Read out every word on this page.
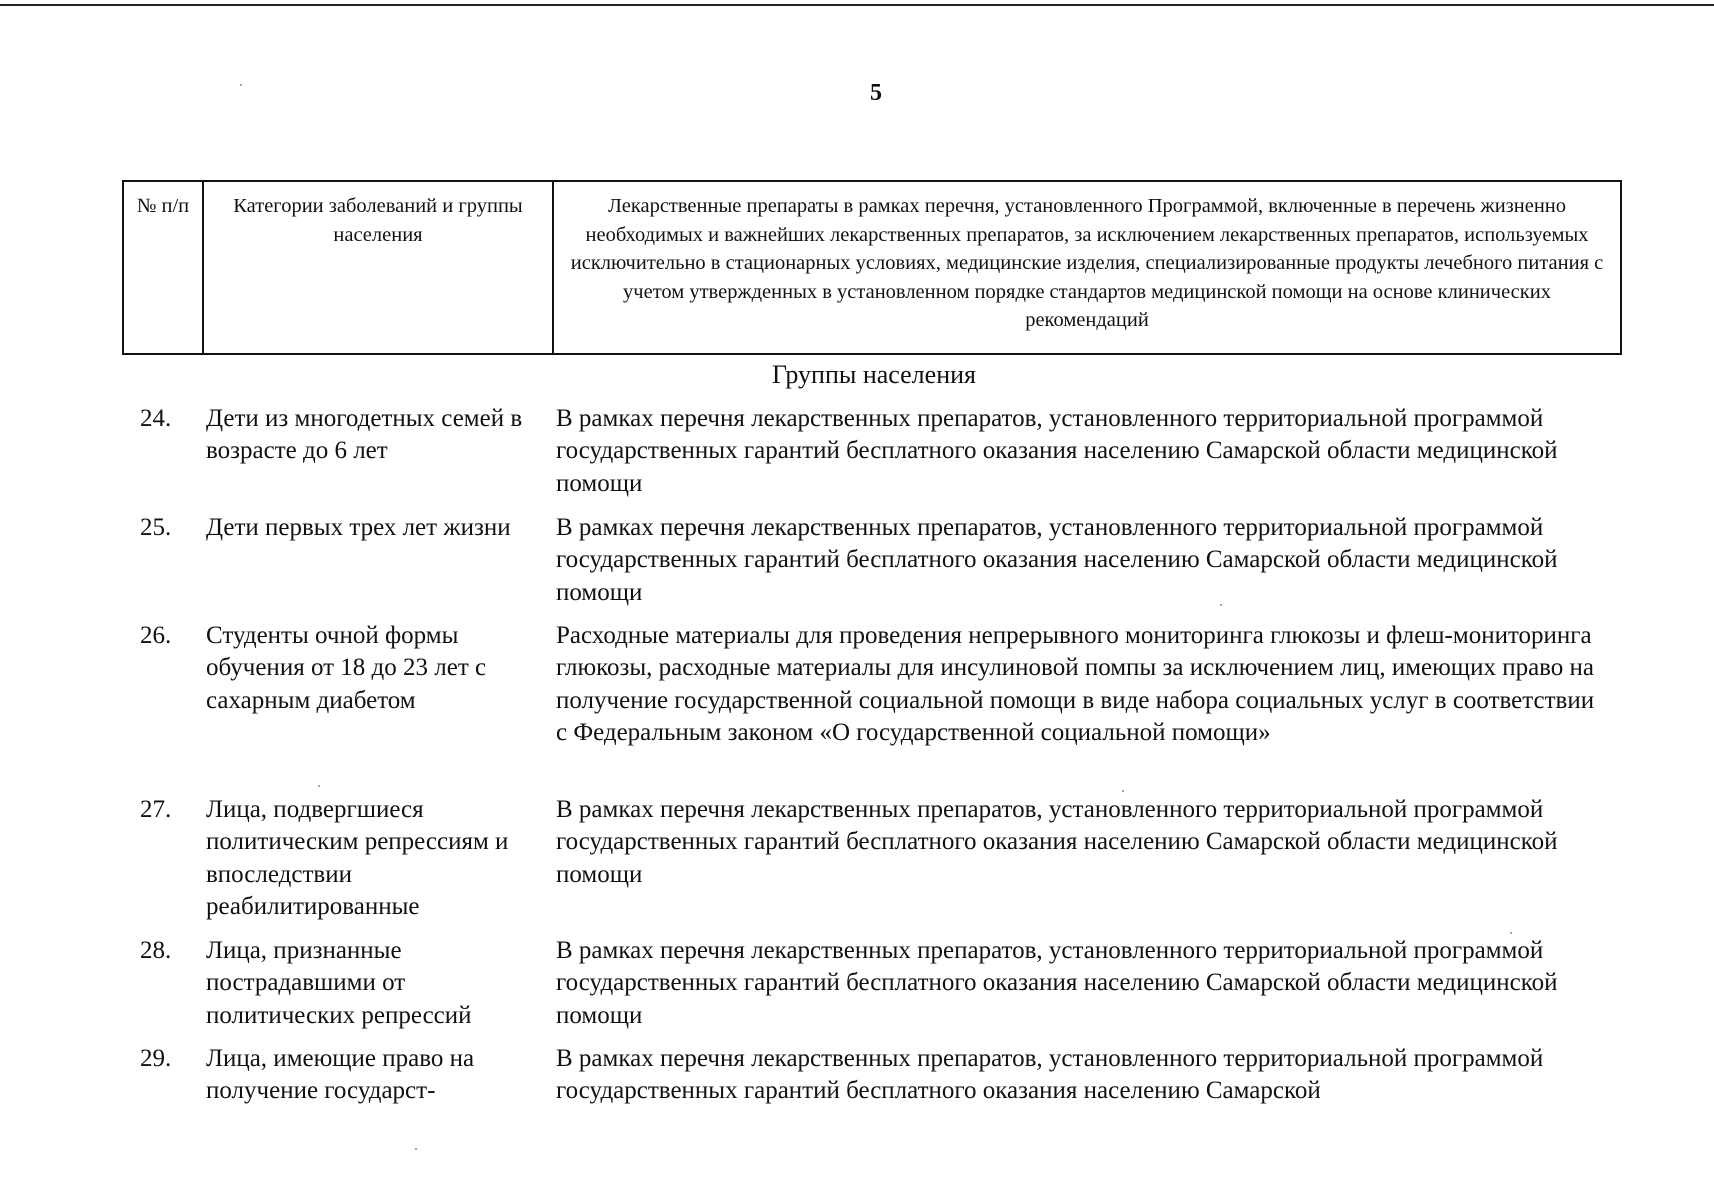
5
№ п/п	Категории заболеваний и группы населения
Лекарственные препараты в рамках перечня, установленного Программой, включенные в перечень жизненно необходимых и важнейших лекарственных препаратов, за исключением лекарственных препаратов, используемых исключительно в стационарных условиях, медицинские изделия, специализированные продукты лечебного питания с учетом утвержденных в установленном порядке стандартов медицинской помощи на основе клинических рекомендаций
Группы населения
24. Дети из многодетных семей в возрасте до 6 лет
В рамках перечня лекарственных препаратов, установленного территориальной программой государственных гарантий бесплатного оказания населению Самарской области медицинской помощи
25. Дети первых трех лет жизни	В рамках перечня лекарственных препаратов, установленного территориальной программой государственных гарантий бесплатного оказания населению Самарской области медицинской помощи
26. Студенты очной формы обучения от 18 до 23 лет с сахарным диабетом
Расходные материалы для проведения непрерывного мониторинга глюкозы и флеш-мониторинга глюкозы, расходные материалы для инсулиновой помпы за исключением лиц, имеющих право на получение государственной социальной помощи в виде набора социальных услуг в соответствии с Федеральным законом «О государственной социальной помощи»
27. Лица, подвергшиеся политическим репрессиям и впоследствии реабилитированные
В рамках перечня лекарственных препаратов, установленного территориальной программой государственных гарантий бесплатного оказания населению Самарской области медицинской помощи
28. Лица, признанные пострадавшими от политических репрессий
В рамках перечня лекарственных препаратов, установленного территориальной программой государственных гарантий бесплатного оказания населению Самарской области медицинской помощи
29. Лица, имеющие право на получение государст-
В рамках перечня лекарственных препаратов, установленного территориальной программой государственных гарантий бесплатного оказания населению Самарской
